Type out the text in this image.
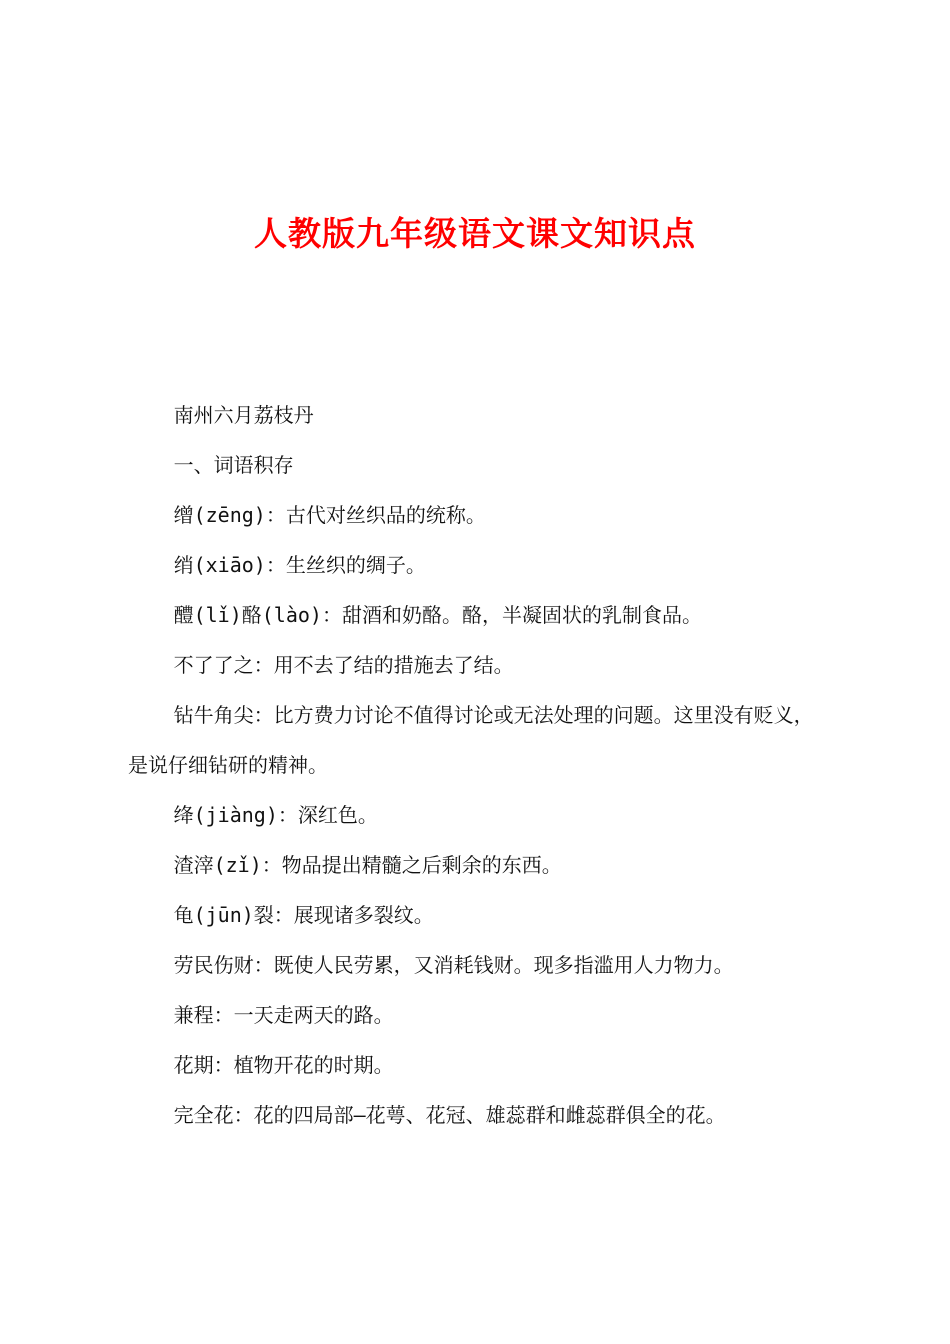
人教版九年级语文课文知识点

南州六月荔枝丹

一、词语积存

缯(zēng)：古代对丝织品的统称。

绡(xiāo)：生丝织的绸子。

醴(lǐ)酪(lào)：甜酒和奶酪。酪，半凝固状的乳制食品。

不了了之：用不去了结的措施去了结。

钻牛角尖：比方费力讨论不值得讨论或无法处理的问题。这里没有贬义，是说仔细钻研的精神。

绛(jiàng)：深红色。

渣滓(zǐ)：物品提出精髓之后剩余的东西。

龟(jūn)裂：展现诸多裂纹。

劳民伤财：既使人民劳累，又消耗钱财。现多指滥用人力物力。

兼程：一天走两天的路。

花期：植物开花的时期。

完全花：花的四局部—花萼、花冠、雄蕊群和雌蕊群俱全的花。
